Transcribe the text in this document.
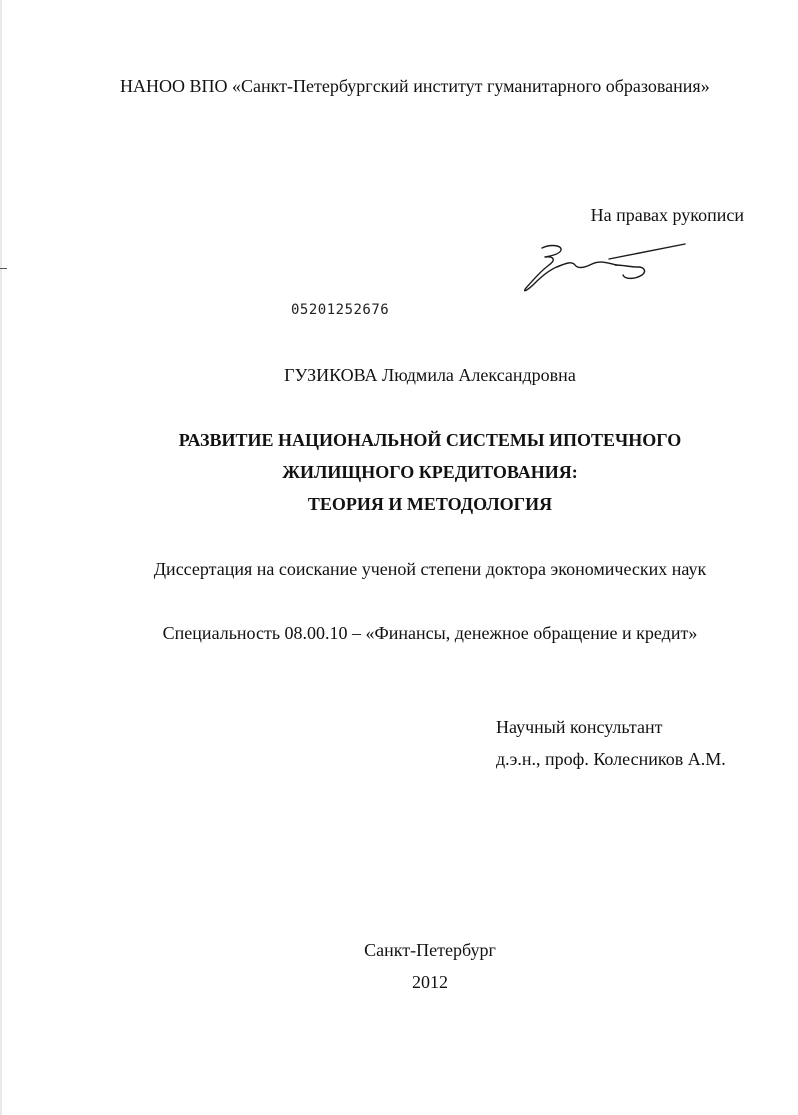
НАНОО ВПО «Санкт-Петербургский институт гуманитарного образования»
На правах рукописи
05201252676
ГУЗИКОВА Людмила Александровна
РАЗВИТИЕ НАЦИОНАЛЬНОЙ СИСТЕМЫ ИПОТЕЧНОГО
ЖИЛИЩНОГО КРЕДИТОВАНИЯ:
ТЕОРИЯ И МЕТОДОЛОГИЯ
Диссертация на соискание ученой степени доктора экономических наук
Специальность 08.00.10 – «Финансы, денежное обращение и кредит»
Научный консультант
д.э.н., проф. Колесников А.М.
Санкт-Петербург
2012
